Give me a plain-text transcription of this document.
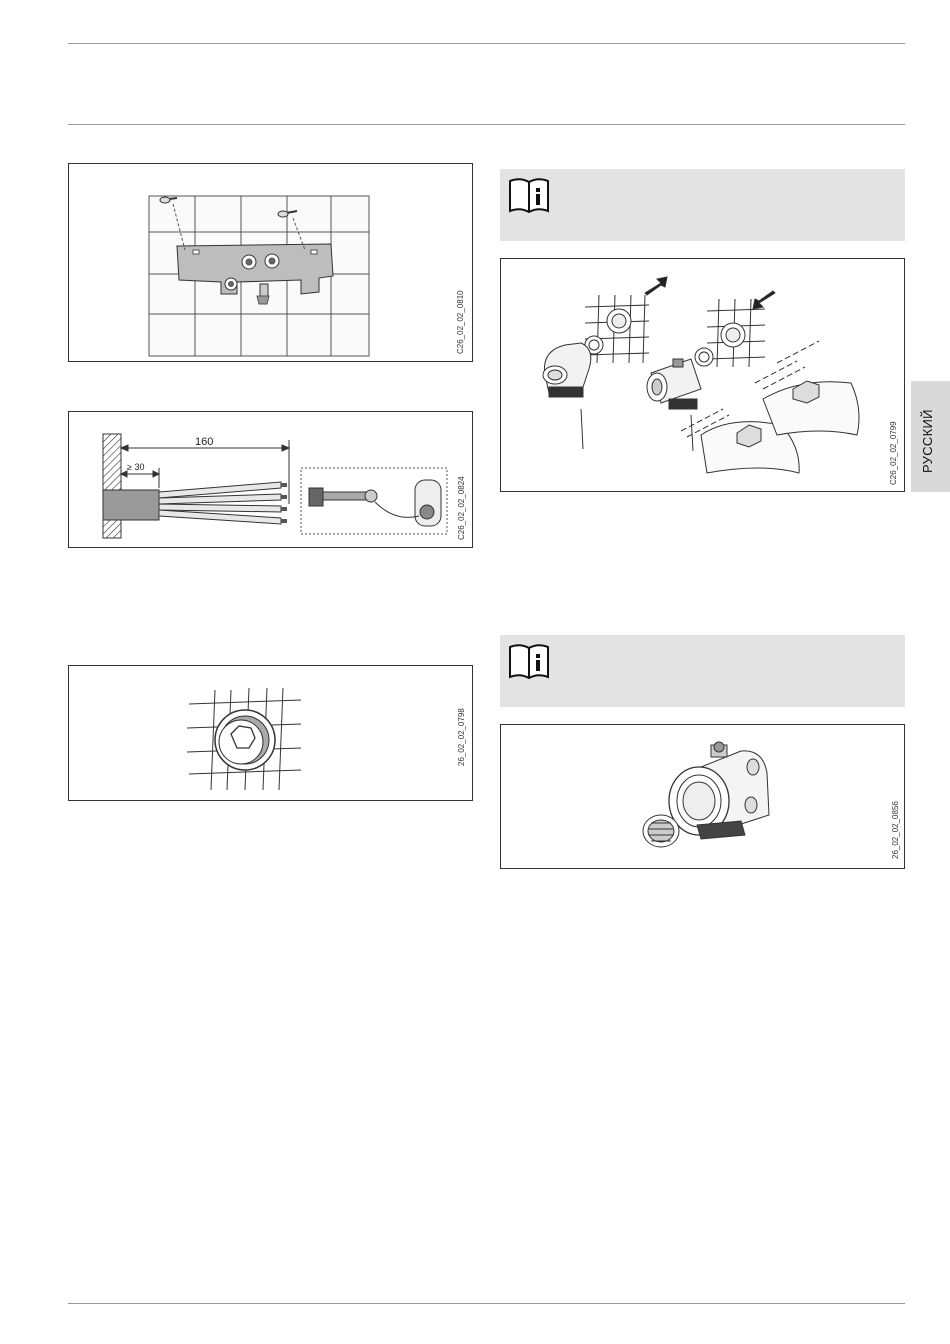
РУССКИЙ
C26_02_02_0810
160
≥ 30
C26_02_02_0824
26_02_02_0798
C26_02_02_0799
26_02_02_0856
